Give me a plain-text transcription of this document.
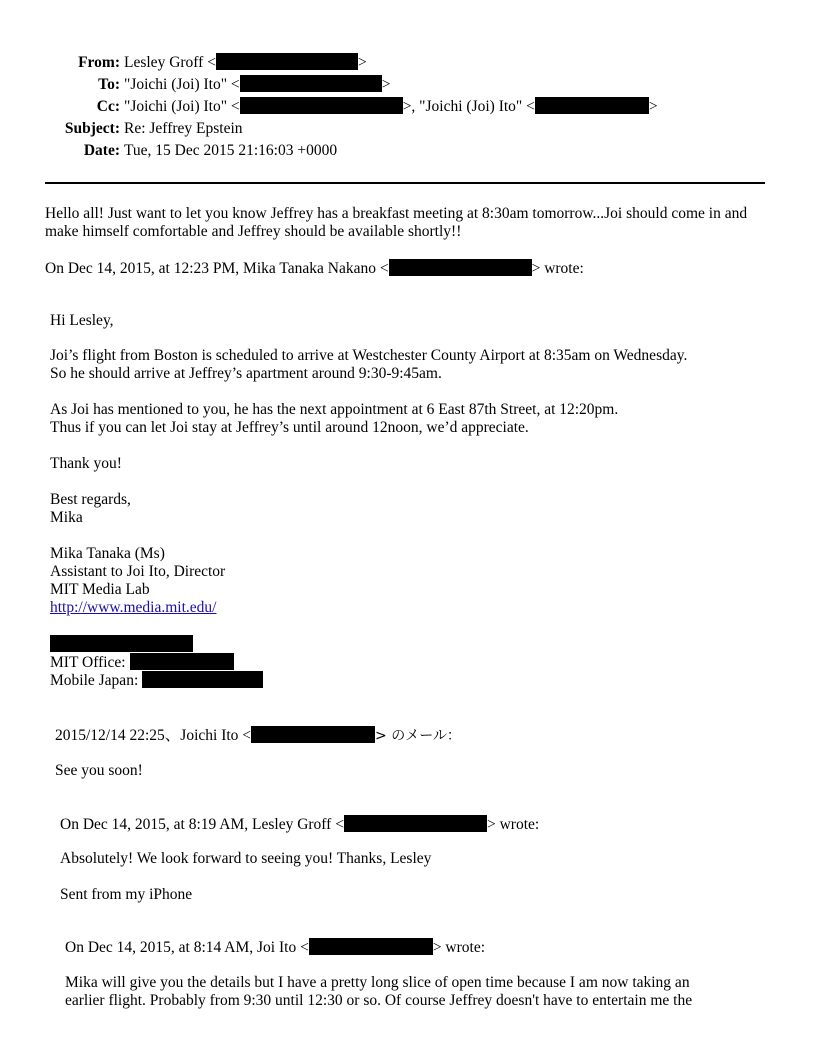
From: Lesley Groff <	>
To: "Joichi (Joi) Ito" <	>
Cc: "Joichi (Joi) Ito" <	>, "Joichi (Joi) Ito" <	>
Subject: Re: Jeffrey Epstein
Date: Tue, 15 Dec 2015 21:16:03 +0000
Hello all! Just want to let you know Jeffrey has a breakfast meeting at 8:30am tomorrow...Joi should come in and
make himself comfortable and Jeffrey should be available shortly!!
On Dec 14, 2015, at 12:23 PM, Mika Tanaka Nakano <	> wrote:
Hi Lesley,
Joi’s flight from Boston is scheduled to arrive at Westchester County Airport at 8:35am on Wednesday.
So he should arrive at Jeffrey’s apartment around 9:30-9:45am.
As Joi has mentioned to you, he has the next appointment at 6 East 87th Street, at 12:20pm.
Thus if you can let Joi stay at Jeffrey’s until around 12noon, we’d appreciate.
Thank you!
Best regards,
Mika
Mika Tanaka (Ms)
Assistant to Joi Ito, Director
MIT Media Lab
http://www.media.mit.edu/
MIT Office:
Mobile Japan:
2015/12/14 22:25、Joichi Ito <	> のメール：
See you soon!
On Dec 14, 2015, at 8:19 AM, Lesley Groff <	> wrote:
Absolutely! We look forward to seeing you! Thanks, Lesley
Sent from my iPhone
On Dec 14, 2015, at 8:14 AM, Joi Ito <	> wrote:
Mika will give you the details but I have a pretty long slice of open time because I am now taking an
earlier flight. Probably from 9:30 until 12:30 or so. Of course Jeffrey doesn't have to entertain me the
